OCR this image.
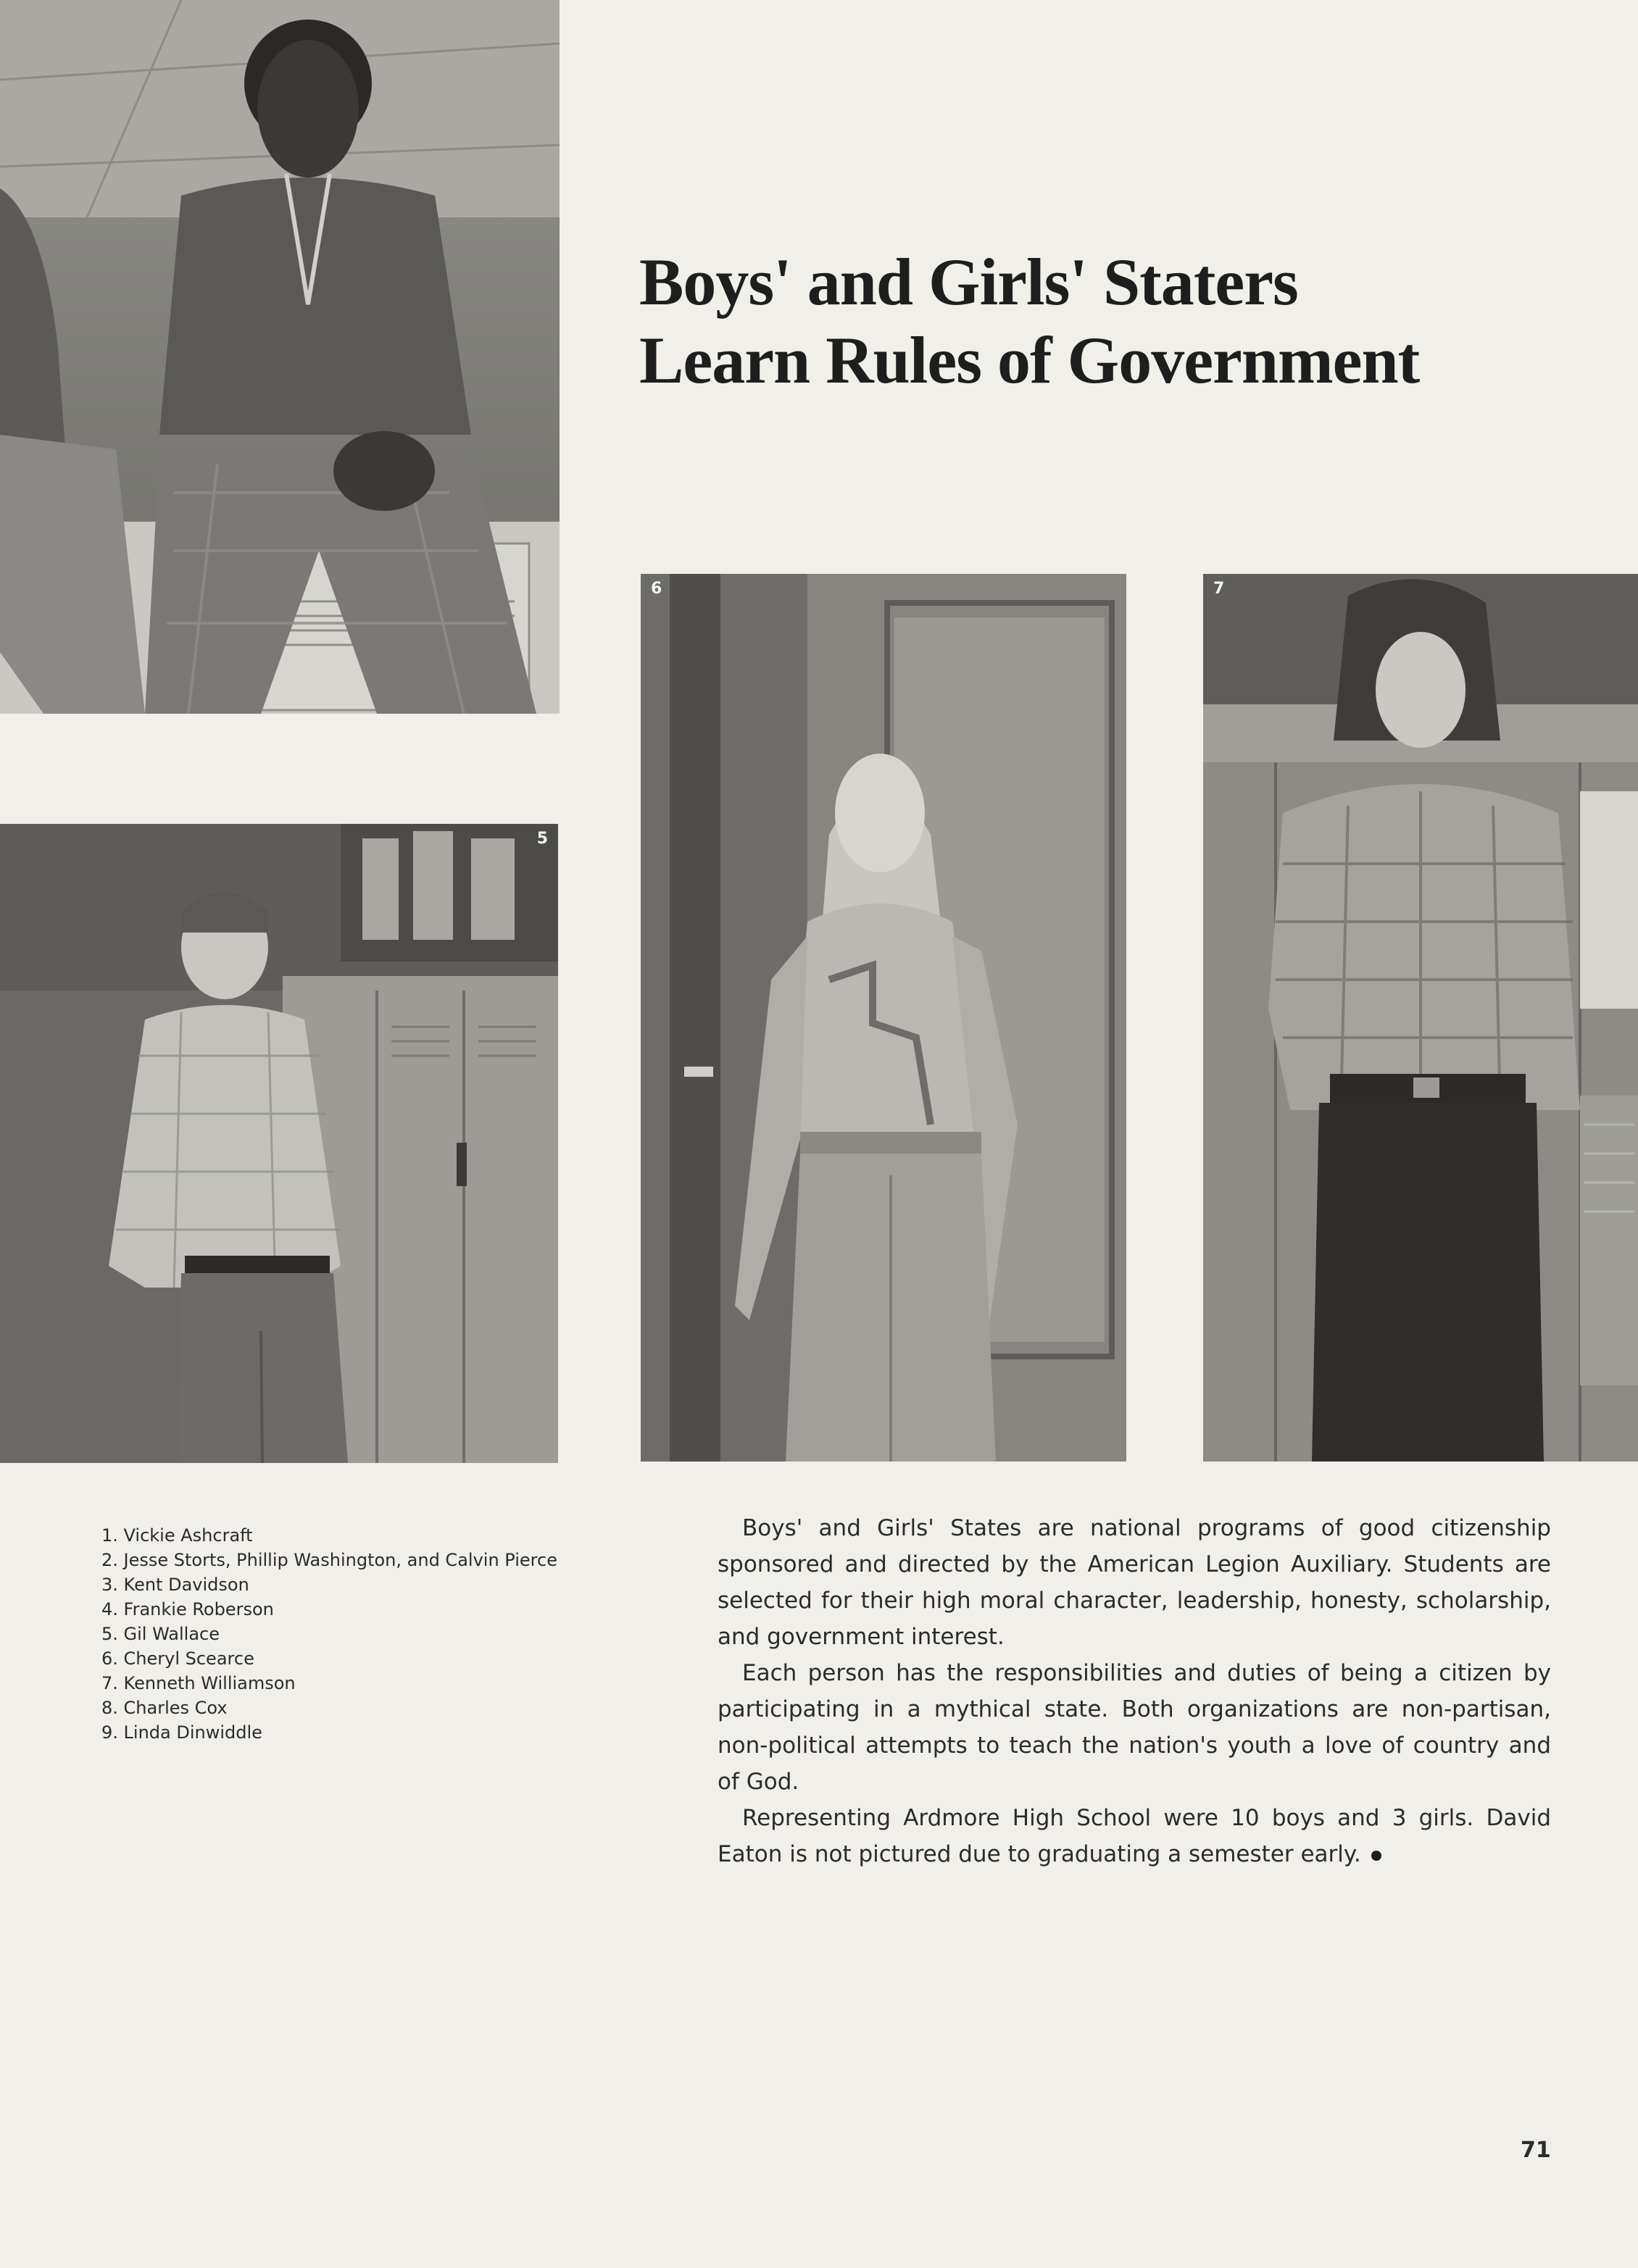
Boys' and Girls' Staters
Learn Rules of Government
5
6	7
1. Vickie Ashcraft
2. Jesse Storts, Phillip Washington, and Calvin Pierce
3. Kent Davidson
4. Frankie Roberson
5. Gil Wallace
6. Cheryl Scearce
7. Kenneth Williamson
8. Charles Cox
9. Linda Dinwiddle

Boys' and Girls' States are national programs of good citizenship sponsored and directed by the American Legion Auxiliary. Students are selected for their high moral character, leadership, honesty, scholarship, and government interest.

Each person has the responsibilities and duties of being a citizen by participating in a mythical state. Both organizations are non-partisan, non-political attempts to teach the nation's youth a love of country and of God.

Representing Ardmore High School were 10 boys and 3 girls. David Eaton is not pictured due to graduating a semester early.

71
